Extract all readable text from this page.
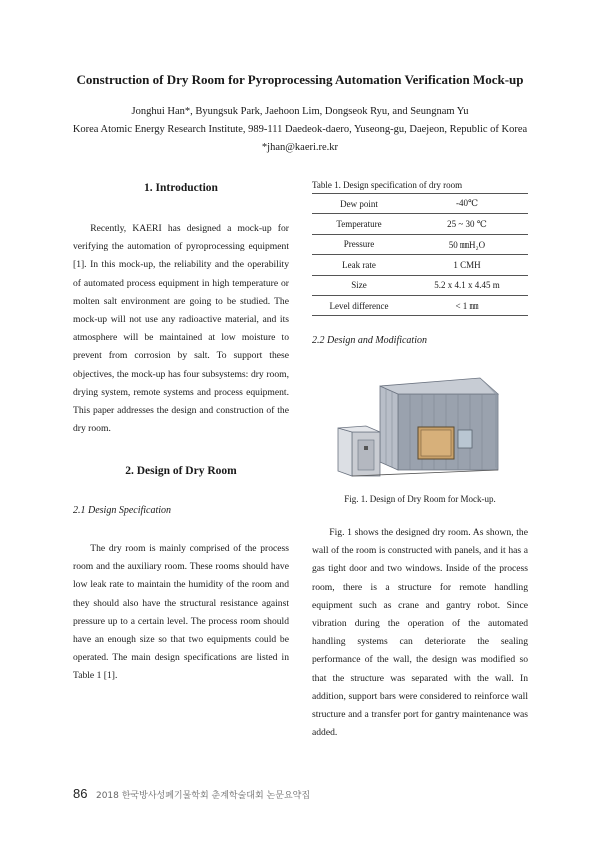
Construction of Dry Room for Pyroprocessing Automation Verification Mock-up
Jonghui Han*, Byungsuk Park, Jaehoon Lim, Dongseok Ryu, and Seungnam Yu
Korea Atomic Energy Research Institute, 989-111 Daedeok-daero, Yuseong-gu, Daejeon, Republic of Korea
*jhan@kaeri.re.kr
1. Introduction
Recently, KAERI has designed a mock-up for verifying the automation of pyroprocessing equipment [1]. In this mock-up, the reliability and the operability of automated process equipment in high temperature or molten salt environment are going to be studied. The mock-up will not use any radioactive material, and its atmosphere will be maintained at low moisture to prevent from corrosion by salt. To support these objectives, the mock-up has four subsystems: dry room, drying system, remote systems and process equipment. This paper addresses the design and construction of the dry room.
2. Design of Dry Room
2.1 Design Specification
The dry room is mainly comprised of the process room and the auxiliary room. These rooms should have low leak rate to maintain the humidity of the room and they should also have the structural resistance against pressure up to a certain level. The process room should have an enough size so that two equipments could be operated. The main design specifications are listed in Table 1 [1].
Table 1. Design specification of dry room
Dew point	-40℃
Temperature	25 ~ 30 ℃
Pressure	50 ㎜H₂O
Leak rate	1 CMH
Size	5.2 x 4.1 x 4.45 m
Level difference	< 1 ㎜
2.2 Design and Modification
Fig. 1. Design of Dry Room for Mock-up.
Fig. 1 shows the designed dry room. As shown, the wall of the room is constructed with panels, and it has a gas tight door and two windows. Inside of the process room, there is a structure for remote handling equipment such as crane and gantry robot. Since vibration during the operation of the automated handling systems can deteriorate the sealing performance of the wall, the design was modified so that the structure was separated with the wall. In addition, support bars were considered to reinforce wall structure and a transfer port for gantry maintenance was added.
86 2018 한국방사성폐기물학회 춘계학술대회 논문요약집
